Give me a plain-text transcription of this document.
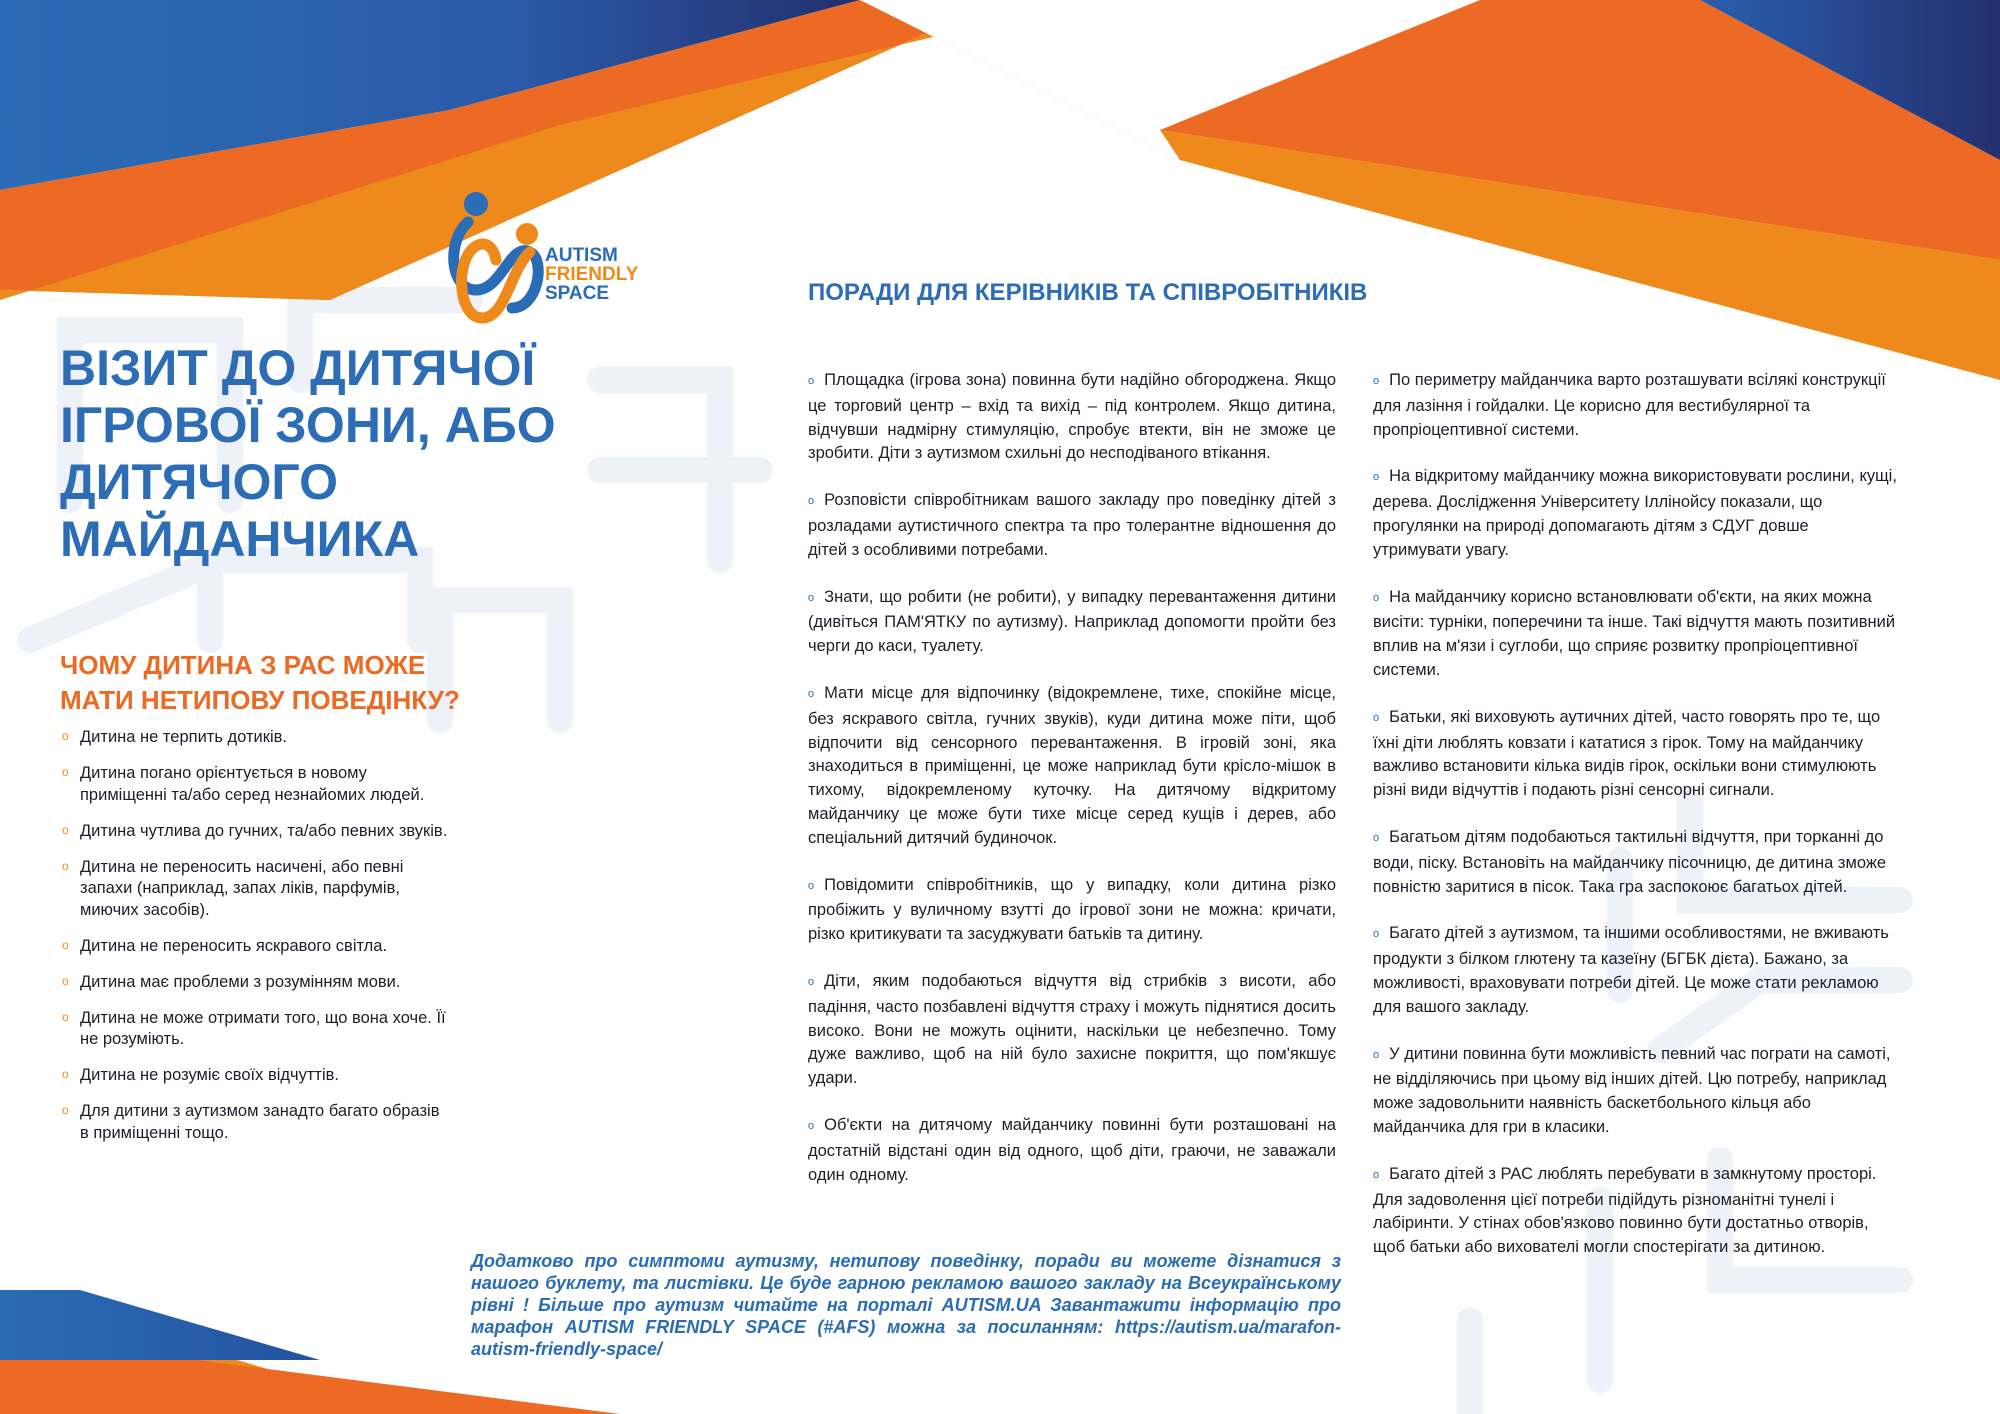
AUTISM
FRIENDLY
SPACE
ВІЗИТ ДО ДИТЯЧОЇ ІГРОВОЇ ЗОНИ, АБО ДИТЯЧОГО МАЙДАНЧИКА
ЧОМУ ДИТИНА З РАС МОЖЕ МАТИ НЕТИПОВУ ПОВЕДІНКУ?
o Дитина не терпить дотиків.
o Дитина погано орієнтується в новому приміщенні та/або серед незнайомих людей.
o Дитина чутлива до гучних, та/або певних звуків.
o Дитина не переносить насичені, або певні запахи (наприклад, запах ліків, парфумів, миючих засобів).
o Дитина не переносить яскравого світла.
o Дитина має проблеми з розумінням мови.
o Дитина не може отримати того, що вона хоче. Її не розуміють.
o Дитина не розуміє своїх відчуттів.
o Для дитини з аутизмом занадто багато образів в приміщенні тощо.
ПОРАДИ ДЛЯ КЕРІВНИКІВ ТА СПІВРОБІТНИКІВ
o Площадка (ігрова зона) повинна бути надійно обгороджена. Якщо це торговий центр – вхід та вихід – під контролем. Якщо дитина, відчувши надмірну стимуляцію, спробує втекти, він не зможе це зробити. Діти з аутизмом схильні до несподіваного втікання.
o Розповісти співробітникам вашого закладу про поведінку дітей з розладами аутистичного спектра та про толерантне відношення до дітей з особливими потребами.
o Знати, що робити (не робити), у випадку перевантаження дитини (дивіться ПАМ'ЯТКУ по аутизму). Наприклад допомогти пройти без черги до каси, туалету.
o Мати місце для відпочинку (відокремлене, тихе, спокійне місце, без яскравого світла, гучних звуків), куди дитина може піти, щоб відпочити від сенсорного перевантаження. В ігровій зоні, яка знаходиться в приміщенні, це може наприклад бути крісло-мішок в тихому, відокремленому куточку. На дитячому відкритому майданчику це може бути тихе місце серед кущів і дерев, або спеціальний дитячий будиночок.
o Повідомити співробітників, що у випадку, коли дитина різко пробіжить у вуличному взутті до ігрової зони не можна: кричати, різко критикувати та засуджувати батьків та дитину.
o Діти, яким подобаються відчуття від стрибків з висоти, або падіння, часто позбавлені відчуття страху і можуть піднятися досить високо. Вони не можуть оцінити, наскільки це небезпечно. Тому дуже важливо, щоб на ній було захисне покриття, що пом'якшує удари.
o Об'єкти на дитячому майданчику повинні бути розташовані на достатній відстані один від одного, щоб діти, граючи, не заважали один одному.
o По периметру майданчика варто розташувати всілякі конструкції для лазіння і гойдалки. Це корисно для вестибулярної та пропріоцептивної системи.
o На відкритому майданчику можна використовувати рослини, кущі, дерева. Дослідження Університету Іллінойсу показали, що прогулянки на природі допомагають дітям з СДУГ довше утримувати увагу.
o На майданчику корисно встановлювати об'єкти, на яких можна висіти: турніки, поперечини та інше. Такі відчуття мають позитивний вплив на м'язи і суглоби, що сприяє розвитку пропріоцептивної системи.
o Батьки, які виховують аутичних дітей, часто говорять про те, що їхні діти люблять ковзати і кататися з гірок. Тому на майданчику важливо встановити кілька видів гірок, оскільки вони стимулюють різні види відчуттів і подають різні сенсорні сигнали.
o Багатьом дітям подобаються тактильні відчуття, при торканні до води, піску. Встановіть на майданчику пісочницю, де дитина зможе повністю заритися в пісок. Така гра заспокоює багатьох дітей.
o Багато дітей з аутизмом, та іншими особливостями, не вживають продукти з білком глютену та казеїну (БГБК дієта). Бажано, за можливості, враховувати потреби дітей. Це може стати рекламою для вашого закладу.
o У дитини повинна бути можливість певний час пограти на самоті, не відділяючись при цьому від інших дітей. Цю потребу, наприклад може задовольнити наявність баскетбольного кільця або майданчика для гри в класики.
o Багато дітей з РАС люблять перебувати в замкнутому просторі. Для задоволення цієї потреби підійдуть різноманітні тунелі і лабіринти. У стінах обов'язково повинно бути достатньо отворів, щоб батьки або вихователі могли спостерігати за дитиною.

Додатково про симптоми аутизму, нетипову поведінку, поради ви можете дізнатися з нашого буклету, та листівки. Це буде гарною рекламою вашого закладу на Всеукраїнському рівні ! Більше про аутизм читайте на порталі AUTISM.UA Завантажити інформацію про марафон AUTISM FRIENDLY SPACE (#AFS) можна за посиланням: https://autism.ua/marafon-autism-friendly-space/
